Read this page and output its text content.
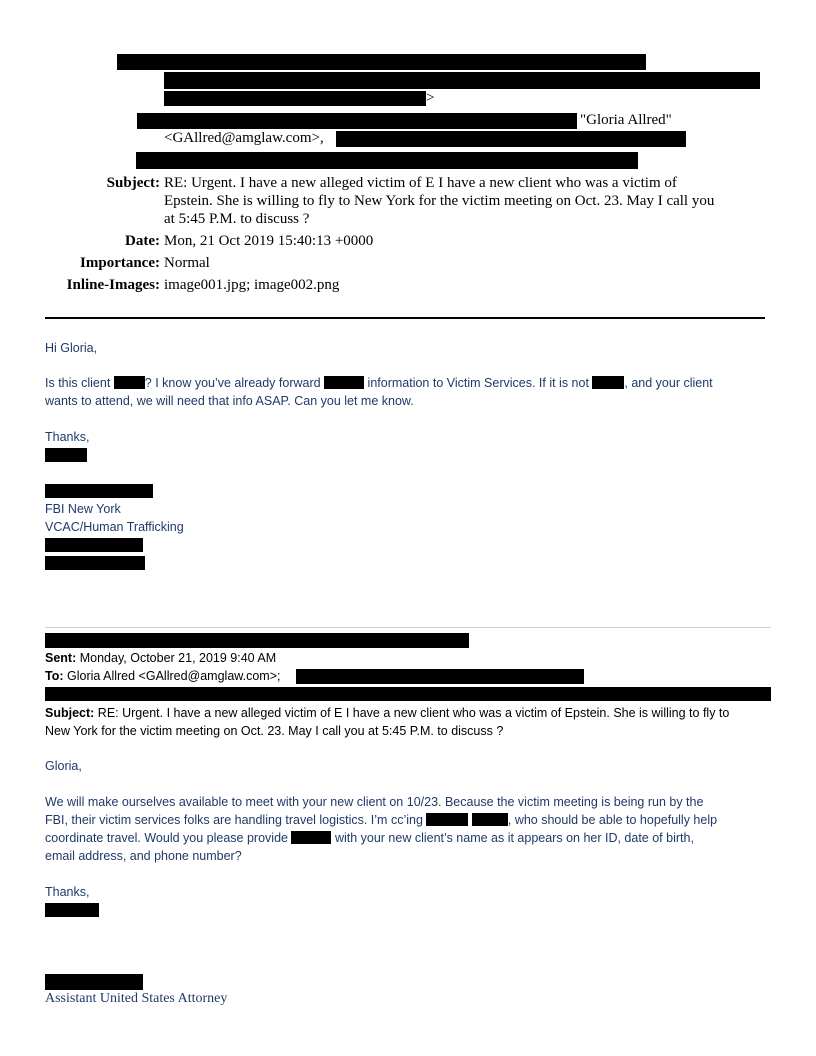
>
"Gloria Allred"
<GAllred@amglaw.com>,
Subject: RE: Urgent. I have a new alleged victim of E I have a new client who was a victim of
Epstein. She is willing to fly to New York for the victim meeting on Oct. 23. May I call you
at 5:45 P.M. to discuss ?
Date: Mon, 21 Oct 2019 15:40:13 +0000
Importance: Normal
Inline-Images: image001.jpg; image002.png
Hi Gloria,
Is this client	? I know you’ve already forward	information to Victim Services. If it is not	, and your client
wants to attend, we will need that info ASAP. Can you let me know.
Thanks,
FBI New York
VCAC/Human Trafficking
Sent: Monday, October 21, 2019 9:40 AM
To: Gloria Allred <GAllred@amglaw.com>;
Subject: RE: Urgent. I have a new alleged victim of E I have a new client who was a victim of Epstein. She is willing to fly to
New York for the victim meeting on Oct. 23. May I call you at 5:45 P.M. to discuss ?
Gloria,
We will make ourselves available to meet with your new client on 10/23. Because the victim meeting is being run by the
FBI, their victim services folks are handling travel logistics. I’m cc’ing	, who should be able to hopefully help
coordinate travel. Would you please provide	with your new client’s name as it appears on her ID, date of birth,
email address, and phone number?
Thanks,
Assistant United States Attorney
